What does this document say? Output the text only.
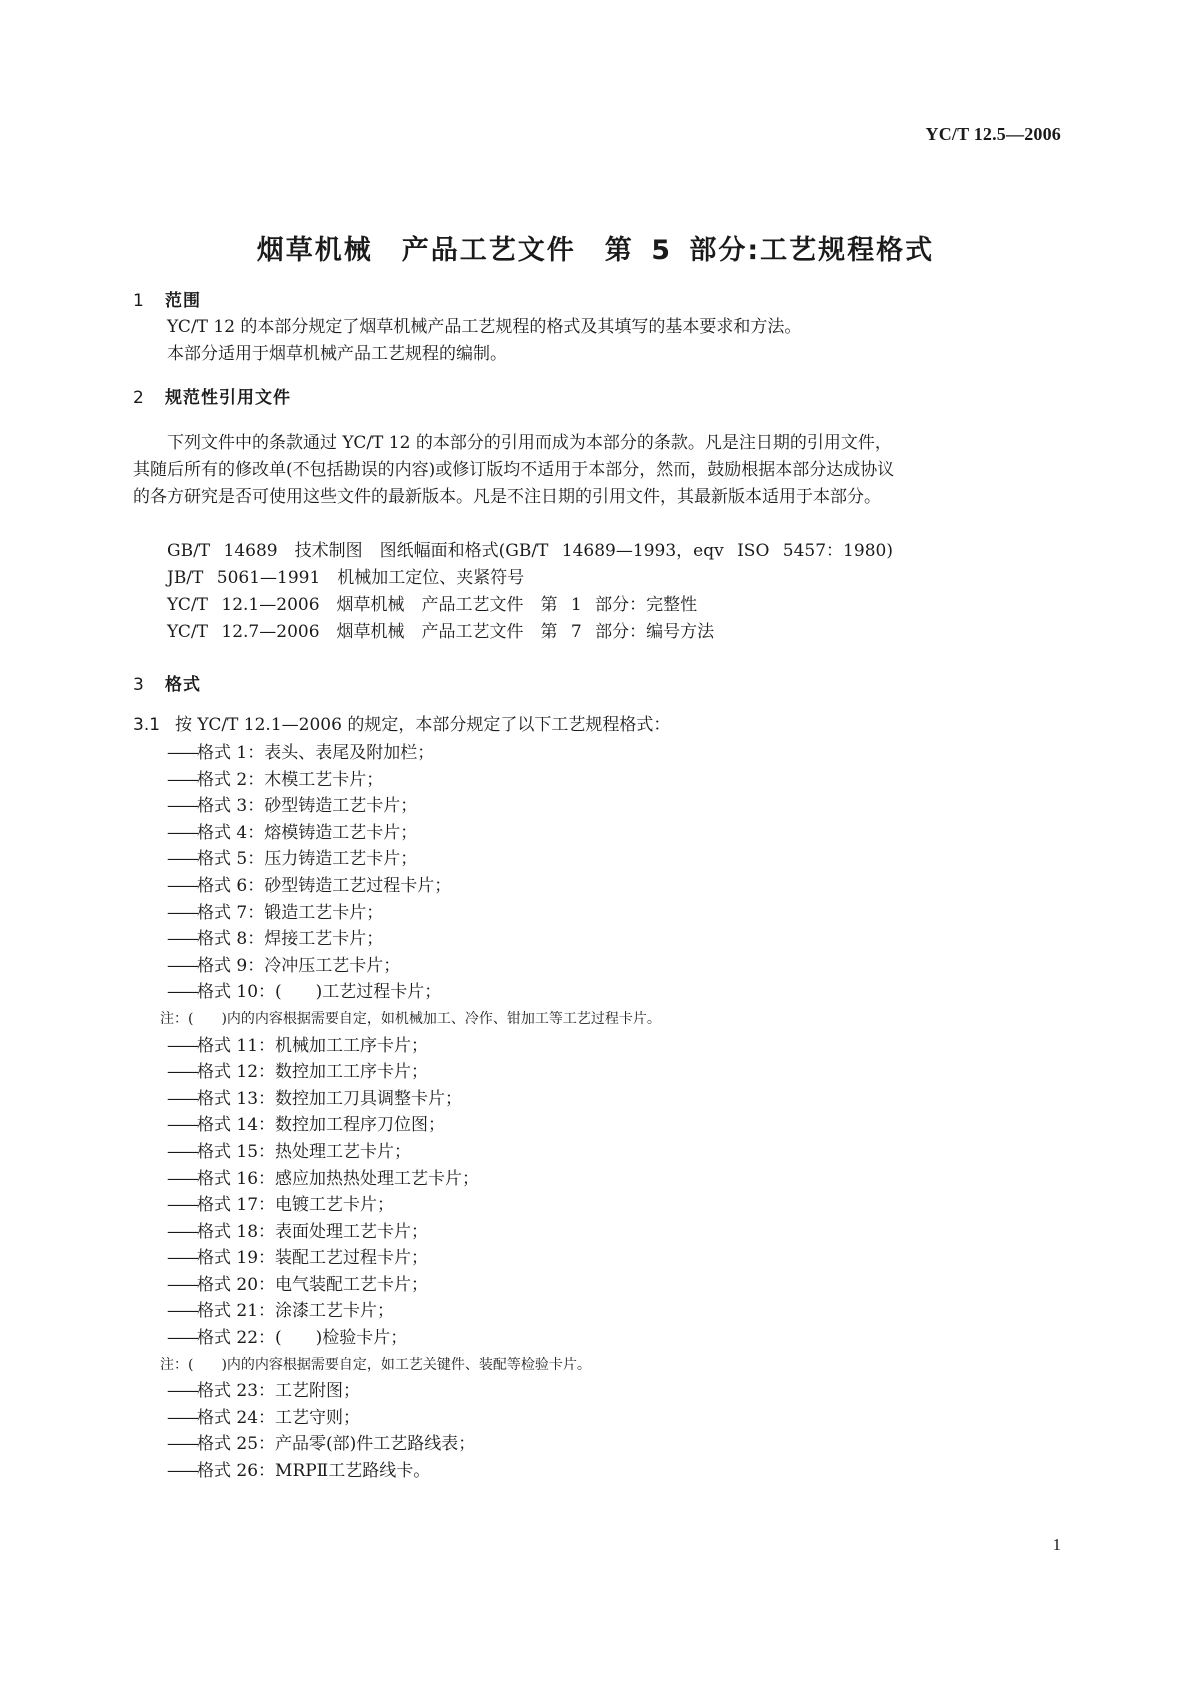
YC/T 12.5—2006
烟草机械　产品工艺文件　第 5 部分:工艺规程格式
1 范围
YC/T 12 的本部分规定了烟草机械产品工艺规程的格式及其填写的基本要求和方法。
本部分适用于烟草机械产品工艺规程的编制。
2 规范性引用文件
下列文件中的条款通过 YC/T 12 的本部分的引用而成为本部分的条款。凡是注日期的引用文件，
其随后所有的修改单(不包括勘误的内容)或修订版均不适用于本部分，然而，鼓励根据本部分达成协议
的各方研究是否可使用这些文件的最新版本。凡是不注日期的引用文件，其最新版本适用于本部分。
GB/T 14689　技术制图　图纸幅面和格式(GB/T 14689—1993，eqv ISO 5457：1980)
JB/T 5061—1991　机械加工定位、夹紧符号
YC/T 12.1—2006　烟草机械　产品工艺文件　第 1 部分：完整性
YC/T 12.7—2006　烟草机械　产品工艺文件　第 7 部分：编号方法
3 格式
3.1 按 YC/T 12.1—2006 的规定，本部分规定了以下工艺规程格式：
——格式 1：表头、表尾及附加栏；
——格式 2：木模工艺卡片；
——格式 3：砂型铸造工艺卡片；
——格式 4：熔模铸造工艺卡片；
——格式 5：压力铸造工艺卡片；
——格式 6：砂型铸造工艺过程卡片；
——格式 7：锻造工艺卡片；
——格式 8：焊接工艺卡片；
——格式 9：冷冲压工艺卡片；
——格式 10：(　　)工艺过程卡片；
注：(　　)内的内容根据需要自定，如机械加工、冷作、钳加工等工艺过程卡片。
——格式 11：机械加工工序卡片；
——格式 12：数控加工工序卡片；
——格式 13：数控加工刀具调整卡片；
——格式 14：数控加工程序刀位图；
——格式 15：热处理工艺卡片；
——格式 16：感应加热热处理工艺卡片；
——格式 17：电镀工艺卡片；
——格式 18：表面处理工艺卡片；
——格式 19：装配工艺过程卡片；
——格式 20：电气装配工艺卡片；
——格式 21：涂漆工艺卡片；
——格式 22：(　　)检验卡片；
注：(　　)内的内容根据需要自定，如工艺关键件、装配等检验卡片。
——格式 23：工艺附图；
——格式 24：工艺守则；
——格式 25：产品零(部)件工艺路线表；
——格式 26：MRPⅡ工艺路线卡。
1
